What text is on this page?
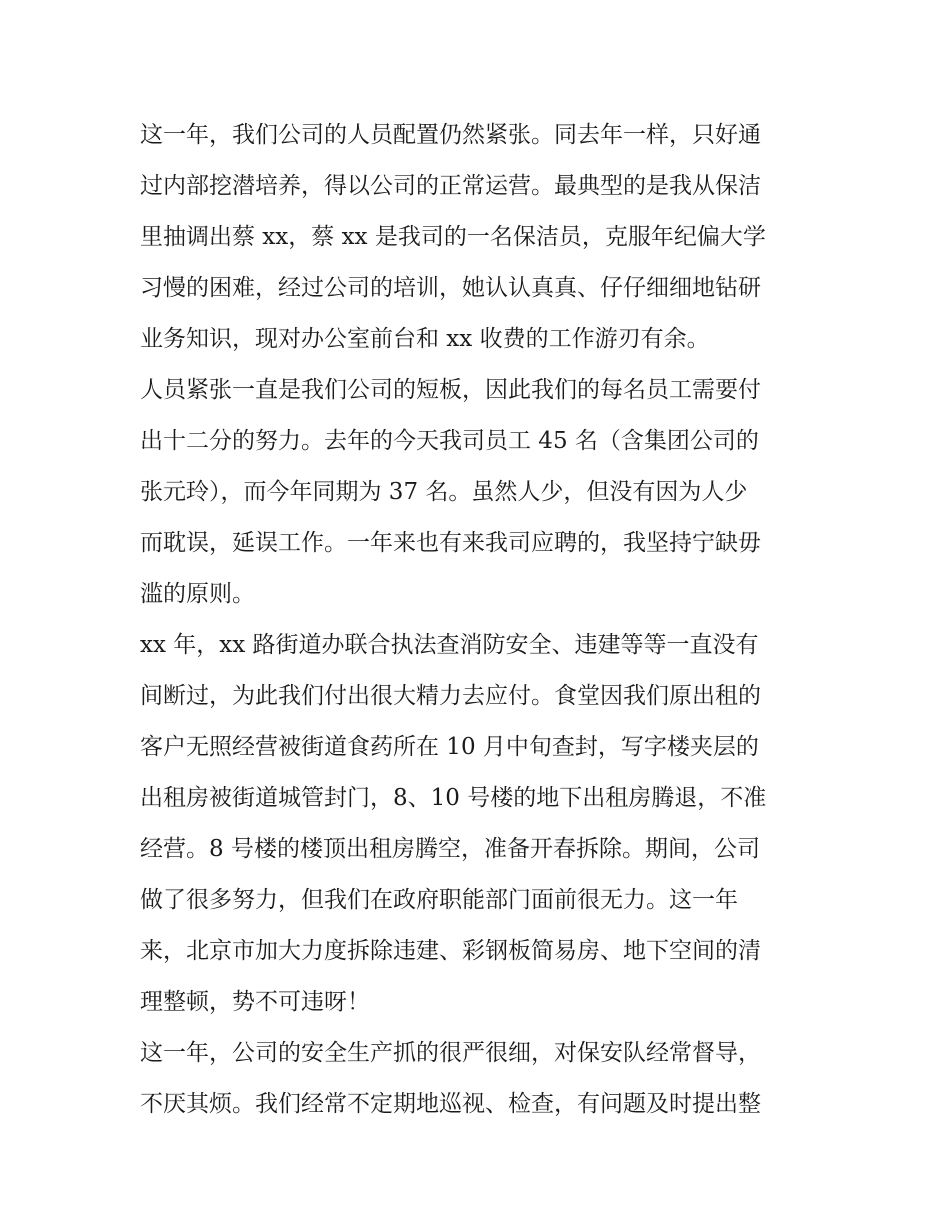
这一年，我们公司的人员配置仍然紧张。同去年一样，只好通
过内部挖潜培养，得以公司的正常运营。最典型的是我从保洁
里抽调出蔡 xx，蔡 xx 是我司的一名保洁员，克服年纪偏大学
习慢的困难，经过公司的培训，她认认真真、仔仔细细地钻研
业务知识，现对办公室前台和 xx 收费的工作游刃有余。
人员紧张一直是我们公司的短板，因此我们的每名员工需要付
出十二分的努力。去年的今天我司员工 45 名（含集团公司的
张元玲），而今年同期为 37 名。虽然人少，但没有因为人少
而耽误，延误工作。一年来也有来我司应聘的，我坚持宁缺毋
滥的原则。
xx 年，xx 路街道办联合执法查消防安全、违建等等一直没有
间断过，为此我们付出很大精力去应付。食堂因我们原出租的
客户无照经营被街道食药所在 10 月中旬查封，写字楼夹层的
出租房被街道城管封门，8、10 号楼的地下出租房腾退，不准
经营。8 号楼的楼顶出租房腾空，准备开春拆除。期间，公司
做了很多努力，但我们在政府职能部门面前很无力。这一年
来，北京市加大力度拆除违建、彩钢板简易房、地下空间的清
理整顿，势不可违呀！
这一年，公司的安全生产抓的很严很细，对保安队经常督导，
不厌其烦。我们经常不定期地巡视、检查，有问题及时提出整
